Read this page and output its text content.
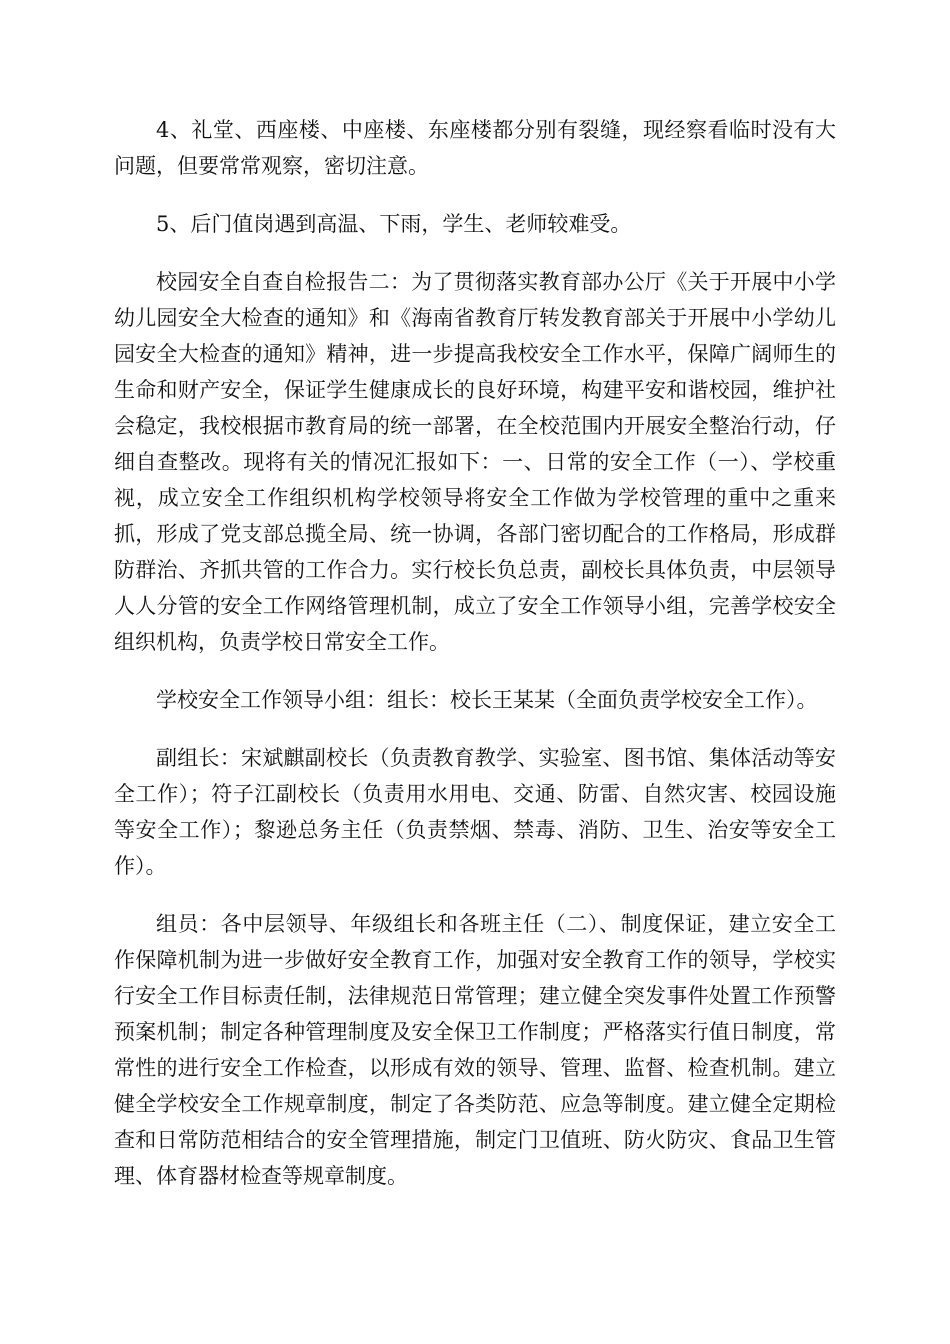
4、礼堂、西座楼、中座楼、东座楼都分别有裂缝，现经察看临时没有大问题，但要常常观察，密切注意。

5、后门值岗遇到高温、下雨，学生、老师较难受。

校园安全自查自检报告二：为了贯彻落实教育部办公厅《关于开展中小学幼儿园安全大检查的通知》和《海南省教育厅转发教育部关于开展中小学幼儿园安全大检查的通知》精神，进一步提高我校安全工作水平，保障广阔师生的生命和财产安全，保证学生健康成长的良好环境，构建平安和谐校园，维护社会稳定，我校根据市教育局的统一部署，在全校范围内开展安全整治行动，仔细自查整改。现将有关的情况汇报如下：一、日常的安全工作（一）、学校重视，成立安全工作组织机构学校领导将安全工作做为学校管理的重中之重来抓，形成了党支部总揽全局、统一协调，各部门密切配合的工作格局，形成群防群治、齐抓共管的工作合力。实行校长负总责，副校长具体负责，中层领导人人分管的安全工作网络管理机制，成立了安全工作领导小组，完善学校安全组织机构，负责学校日常安全工作。

学校安全工作领导小组：组长：校长王某某（全面负责学校安全工作）。

副组长：宋斌麒副校长（负责教育教学、实验室、图书馆、集体活动等安全工作）；符子江副校长（负责用水用电、交通、防雷、自然灾害、校园设施等安全工作）；黎逊总务主任（负责禁烟、禁毒、消防、卫生、治安等安全工作）。

组员：各中层领导、年级组长和各班主任（二）、制度保证，建立安全工作保障机制为进一步做好安全教育工作，加强对安全教育工作的领导，学校实行安全工作目标责任制，法律规范日常管理；建立健全突发事件处置工作预警预案机制；制定各种管理制度及安全保卫工作制度；严格落实行值日制度，常常性的进行安全工作检查，以形成有效的领导、管理、监督、检查机制。建立健全学校安全工作规章制度，制定了各类防范、应急等制度。建立健全定期检查和日常防范相结合的安全管理措施，制定门卫值班、防火防灾、食品卫生管理、体育器材检查等规章制度。
